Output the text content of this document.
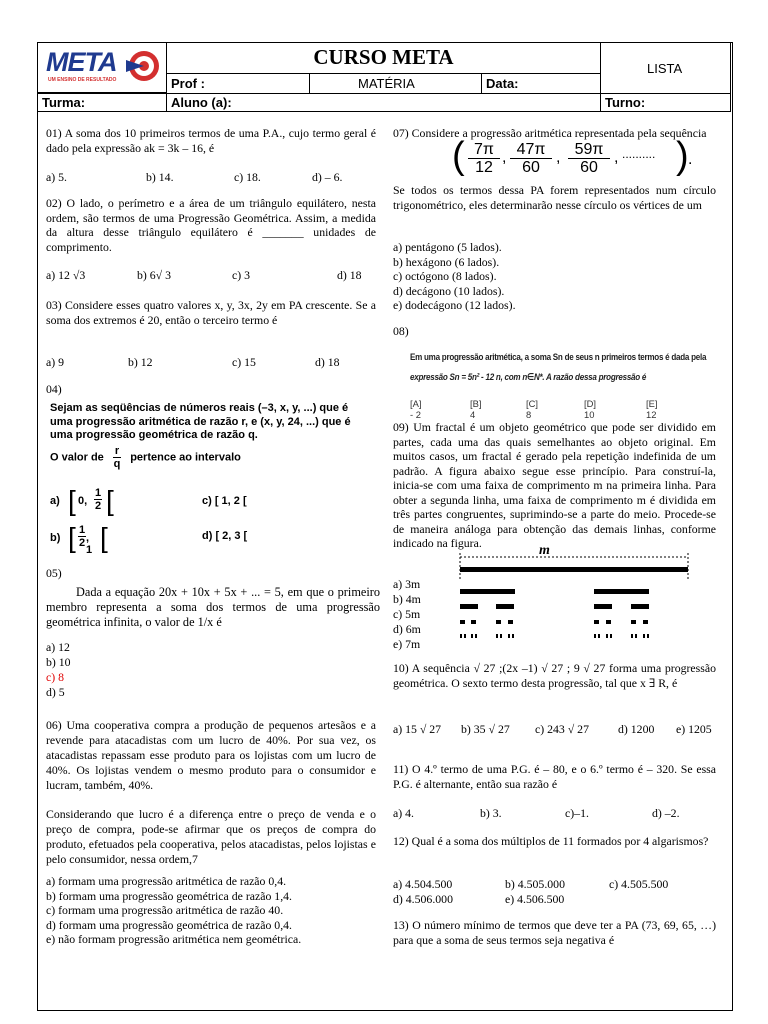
META
UM ENSINO DE RESULTADO
CURSO META	LISTA
Prof :	MATÉRIA	Data:
Turma:	Aluno (a):	Turno:

01) A soma dos 10 primeiros termos de uma P.A., cujo termo geral é dado pela expressão ak = 3k – 16, é

a) 5.	b) 14.	c) 18.	d) – 6.

02) O lado, o perímetro e a área de um triângulo equilátero, nesta ordem, são termos de uma Progressão Geométrica. Assim, a medida da altura desse triângulo equilátero é _______ unidades de comprimento.

a) 12 √3	b) 6√ 3	c) 3	d) 18

03) Considere esses quatro valores x, y, 3x, 2y em PA crescente. Se a soma dos extremos é 20, então o terceiro termo é

a) 9	b) 12	c) 15	d) 18
04)

Sejam as seqüências de números reais (–3, x, y, ...) que é uma progressão aritmética de razão r, e (x, y, 24, ...) que é uma progressão geométrica de razão q.

O valor de $\frac{r}{q}$ pertence ao intervalo
a) [ 0, $\frac{1}{2}$ [	c) [ 1, 2 [
b) [ $\frac{1}{2}$ , 1 [	d) [ 2, 3 [
05)

Dada a equação 20x + 10x + 5x + ... = 5, em que o primeiro membro representa a soma dos termos de uma progressão geométrica infinita, o valor de 1/x é

a) 12

b) 10

c) 8

d) 5

06) Uma cooperativa compra a produção de pequenos artesãos e a revende para atacadistas com um lucro de 40%. Por sua vez, os atacadistas repassam esse produto para os lojistas com um lucro de 40%. Os lojistas vendem o mesmo produto para o consumidor e lucram, também, 40%.

Considerando que lucro é a diferença entre o preço de venda e o preço de compra, pode-se afirmar que os preços de compra do produto, efetuados pela cooperativa, pelos atacadistas, pelos lojistas e pelo consumidor, nessa ordem,7

a) formam uma progressão aritmética de razão 0,4.

b) formam uma progressão geométrica de razão 1,4.

c) formam uma progressão aritmética de razão 40.

d) formam uma progressão geométrica de razão 0,4.

e) não formam progressão aritmética nem geométrica.

07) Considere a progressão aritmética representada pela sequência

( $\frac{7\pi}{12}$ , $\frac{47\pi}{60}$ , $\frac{59\pi}{60}$ , .......... ) .

Se todos os termos dessa PA forem representados num círculo trigonométrico, eles determinarão nesse círculo os vértices de um

a) pentágono (5 lados).

b) hexágono (6 lados).

c) octógono (8 lados).

d) decágono (10 lados).

e) dodecágono (12 lados).

08)
Em uma progressão aritmética, a soma Sn de seus n primeiros termos é dada pela
expressão Sn = 5n² - 12 n, com n∈N*. A razão dessa progressão é
[A] - 2
[B] 4
[C] 8
[D] 10
[E] 12

09) Um fractal é um objeto geométrico que pode ser dividido em partes, cada uma das quais semelhantes ao objeto original. Em muitos casos, um fractal é gerado pela repetição indefinida de um padrão. A figura abaixo segue esse princípio. Para construí-la, inicia-se com uma faixa de comprimento m na primeira linha. Para obter a segunda linha, uma faixa de comprimento m é dividida em três partes congruentes, suprimindo-se a parte do meio. Procede-se de maneira análoga para obtenção das demais linhas, conforme indicado na figura.

a) 3m

b) 4m

c) 5m

d) 6m

e) 7m

m

10) A sequência √ 27 ;(2x –1) √ 27 ; 9 √ 27 forma uma progressão geométrica. O sexto termo desta progressão, tal que x ∃ R, é

a) 15 √ 27 b) 35 √ 27 c) 243 √ 27 d) 1200 e) 1205

11) O 4.º termo de uma P.G. é – 80, e o 6.º termo é – 320. Se essa P.G. é alternante, então sua razão é

a) 4.	b) 3.	c)–1.	d) –2.

12) Qual é a soma dos múltiplos de 11 formados por 4 algarismos?

a) 4.504.500	b) 4.505.000	c) 4.505.500
d) 4.506.000	e) 4.506.500

13) O número mínimo de termos que deve ter a PA (73, 69, 65, …) para que a soma de seus termos seja negativa é
